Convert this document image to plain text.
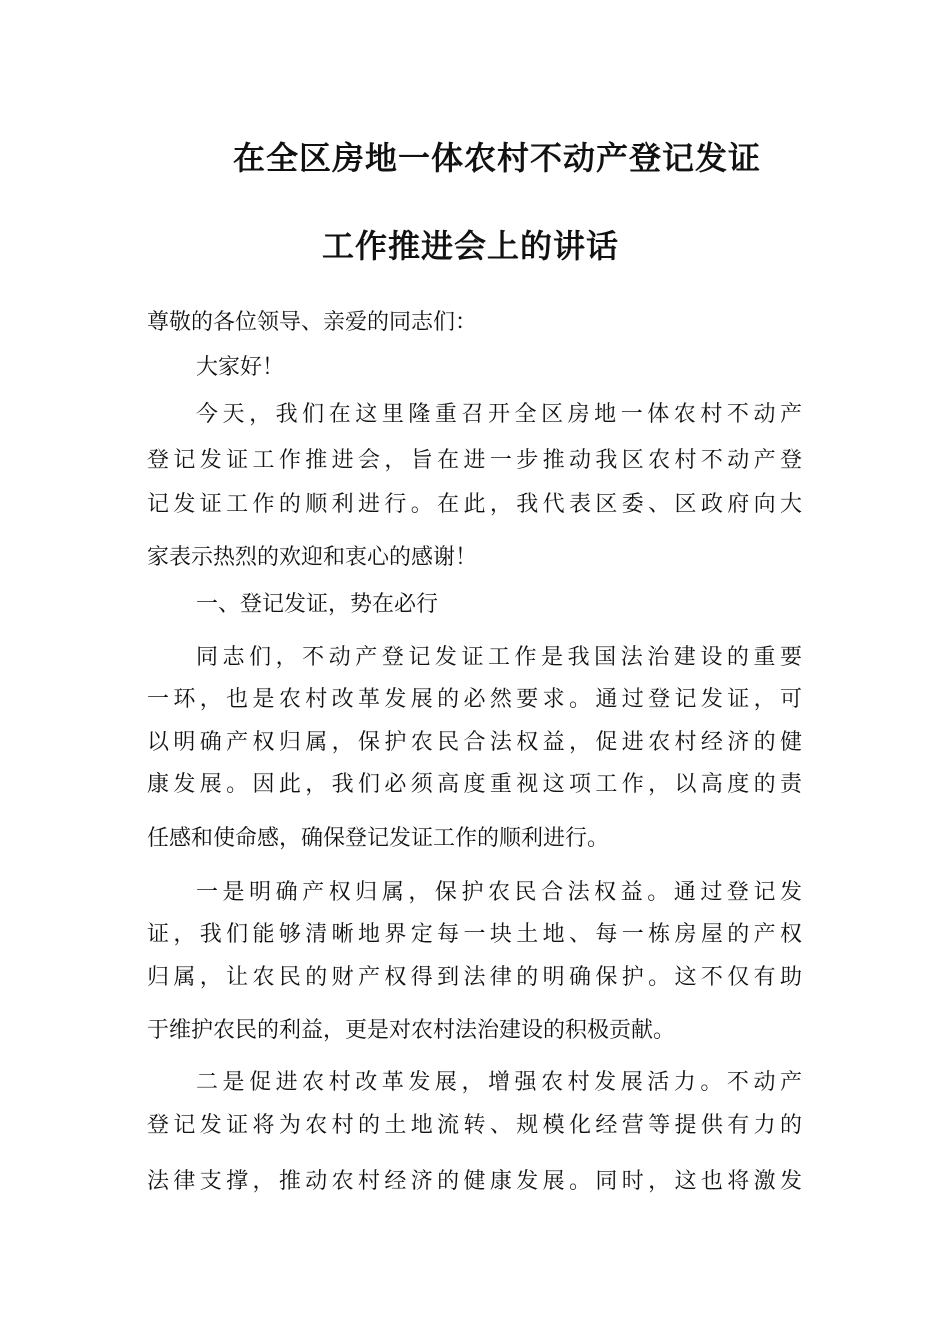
在全区房地一体农村不动产登记发证
工作推进会上的讲话
尊敬的各位领导、亲爱的同志们：
大家好！
今天，我们在这里隆重召开全区房地一体农村不动产
登记发证工作推进会，旨在进一步推动我区农村不动产登
记发证工作的顺利进行。在此，我代表区委、区政府向大
家表示热烈的欢迎和衷心的感谢！
一、登记发证，势在必行
同志们，不动产登记发证工作是我国法治建设的重要
一环，也是农村改革发展的必然要求。通过登记发证，可
以明确产权归属，保护农民合法权益，促进农村经济的健
康发展。因此，我们必须高度重视这项工作，以高度的责
任感和使命感，确保登记发证工作的顺利进行。
一是明确产权归属，保护农民合法权益。通过登记发
证，我们能够清晰地界定每一块土地、每一栋房屋的产权
归属，让农民的财产权得到法律的明确保护。这不仅有助
于维护农民的利益，更是对农村法治建设的积极贡献。
二是促进农村改革发展，增强农村发展活力。不动产
登记发证将为农村的土地流转、规模化经营等提供有力的
法律支撑，推动农村经济的健康发展。同时，这也将激发
